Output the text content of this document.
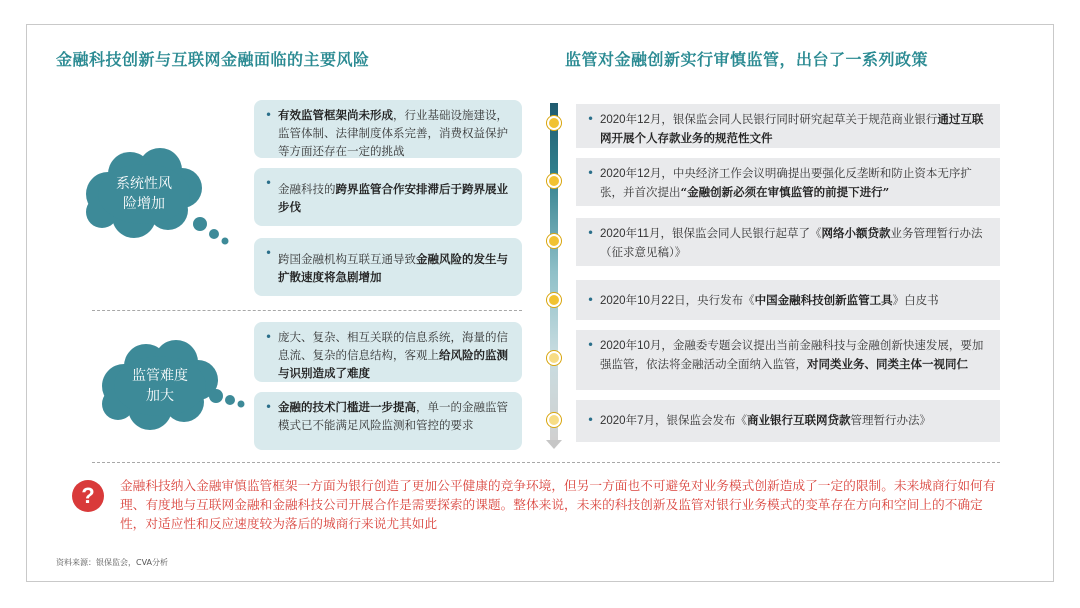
金融科技创新与互联网金融面临的主要风险	监管对金融创新实行审慎监管，出台了一系列政策
系统性风
险增加
监管难度
加大
• 有效监管框架尚未形成，行业基础设施建设，监管体制、法律制度体系完善，消费权益保护等方面还存在一定的挑战
• 金融科技的跨界监管合作安排滞后于跨界展业步伐
• 跨国金融机构互联互通导致金融风险的发生与扩散速度将急剧增加
• 庞大、复杂、相互关联的信息系统，海量的信息流、复杂的信息结构，客观上给风险的监测与识别造成了难度
• 金融的技术门槛进一步提高，单一的金融监管模式已不能满足风险监测和管控的要求
• 2020年12月，银保监会同人民银行同时研究起草关于规范商业银行通过互联网开展个人存款业务的规范性文件
• 2020年12月，中央经济工作会议明确提出要强化反垄断和防止资本无序扩张，并首次提出“金融创新必须在审慎监管的前提下进行”
• 2020年11月，银保监会同人民银行起草了《网络小额贷款业务管理暂行办法（征求意见稿）》
• 2020年10月22日，央行发布《中国金融科技创新监管工具》白皮书
• 2020年10月，金融委专题会议提出当前金融科技与金融创新快速发展，要加强监管，依法将金融活动全面纳入监管，对同类业务、同类主体一视同仁
• 2020年7月，银保监会发布《商业银行互联网贷款管理暂行办法》
?	金融科技纳入金融审慎监管框架一方面为银行创造了更加公平健康的竞争环境，但另一方面也不可避免对业务模式创新造成了一定的限制。未来城商行如何有理、有度地与互联网金融和金融科技公司开展合作是需要探索的课题。整体来说，未来的科技创新及监管对银行业务模式的变革存在方向和空间上的不确定性，对适应性和反应速度较为落后的城商行来说尤其如此
资料来源：银保监会，CVA分析
